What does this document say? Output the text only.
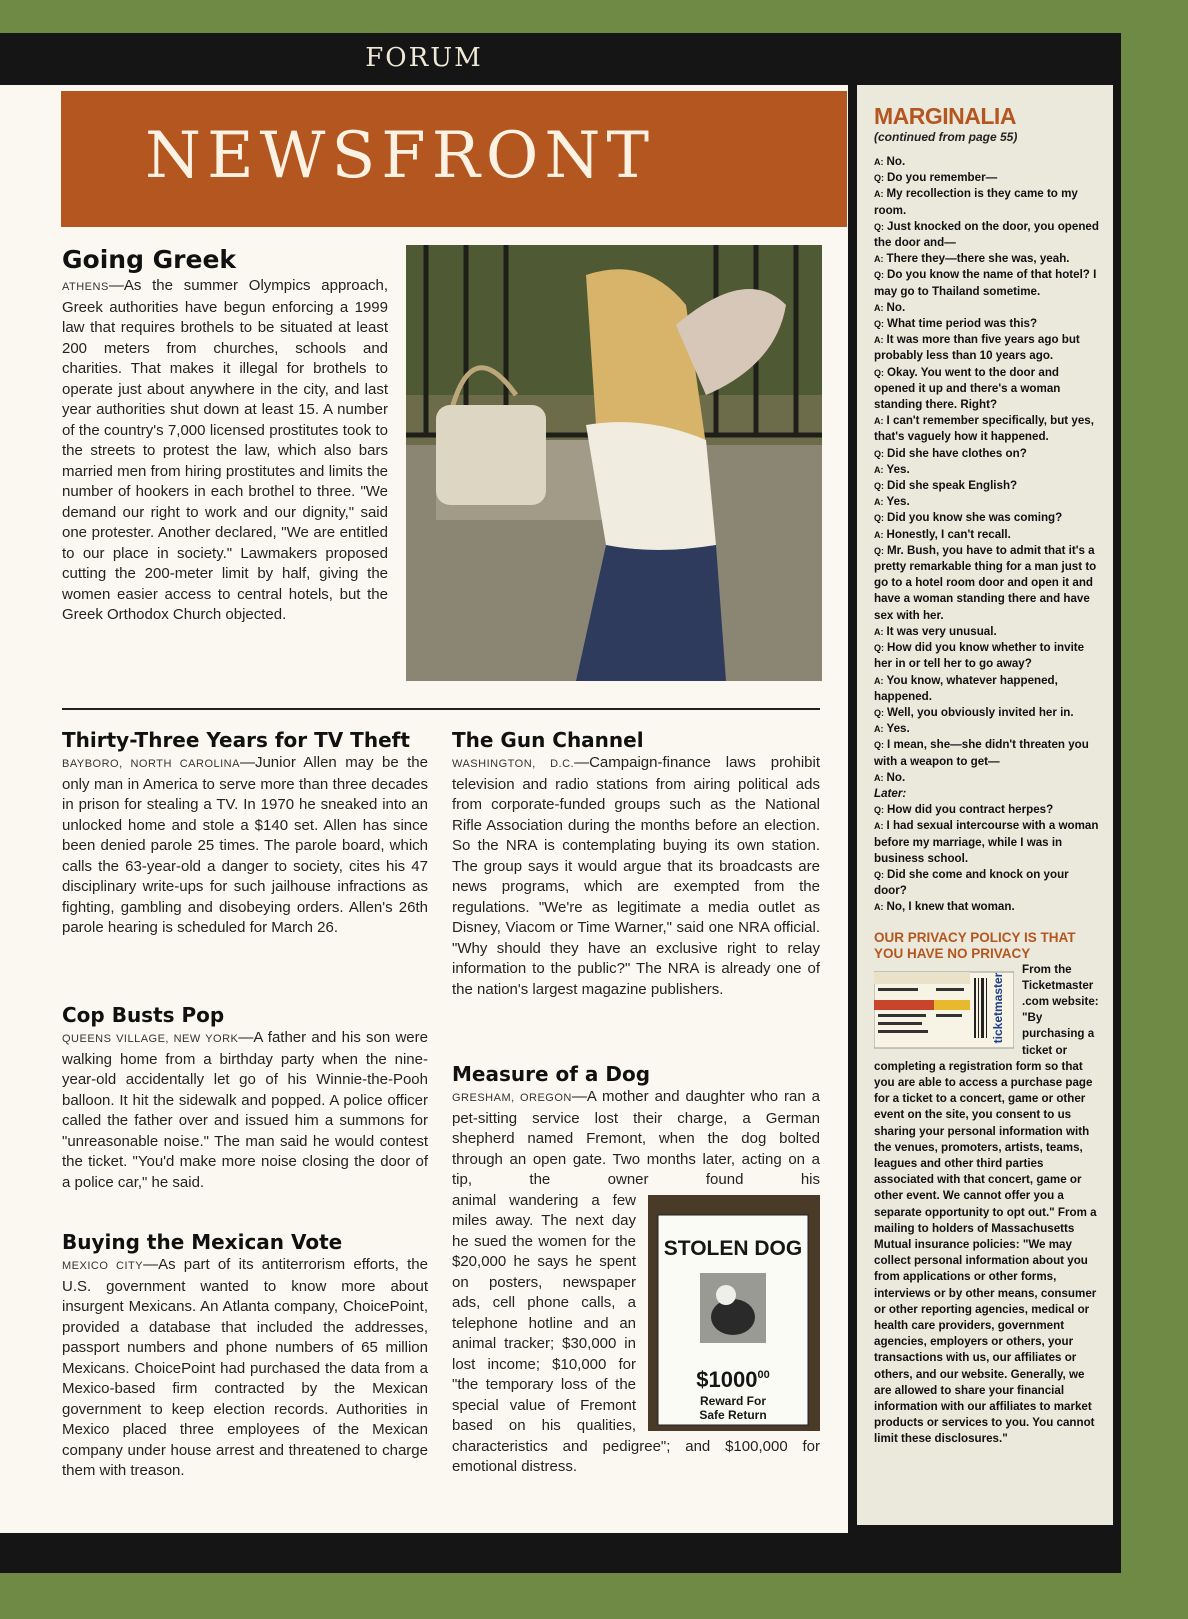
FORUM
NEWSFRONT
Going Greek

ATHENS—As the summer Olympics approach, Greek authorities have begun enforcing a 1999 law that requires brothels to be situated at least 200 meters from churches, schools and charities. That makes it illegal for brothels to operate just about anywhere in the city, and last year authorities shut down at least 15. A number of the country's 7,000 licensed prostitutes took to the streets to protest the law, which also bars married men from hiring prostitutes and limits the number of hookers in each brothel to three. "We demand our right to work and our dignity," said one protester. Another declared, "We are entitled to our place in society." Lawmakers proposed cutting the 200-meter limit by half, giving the women easier access to central hotels, but the Greek Orthodox Church objected.

Thirty-Three Years for TV Theft

BAYBORO, NORTH CAROLINA—Junior Allen may be the only man in America to serve more than three decades in prison for stealing a TV. In 1970 he sneaked into an unlocked home and stole a $140 set. Allen has since been denied parole 25 times. The parole board, which calls the 63-year-old a danger to society, cites his 47 disciplinary write-ups for such jailhouse infractions as fighting, gambling and disobeying orders. Allen's 26th parole hearing is scheduled for March 26.

Cop Busts Pop

QUEENS VILLAGE, NEW YORK—A father and his son were walking home from a birthday party when the nine-year-old accidentally let go of his Winnie-the-Pooh balloon. It hit the sidewalk and popped. A police officer called the father over and issued him a summons for "unreasonable noise." The man said he would contest the ticket. "You'd make more noise closing the door of a police car," he said.

Buying the Mexican Vote

MEXICO CITY—As part of its antiterrorism efforts, the U.S. government wanted to know more about insurgent Mexicans. An Atlanta company, ChoicePoint, provided a database that included the addresses, passport numbers and phone numbers of 65 million Mexicans. ChoicePoint had purchased the data from a Mexico-based firm contracted by the Mexican government to keep election records. Authorities in Mexico placed three employees of the Mexican company under house arrest and threatened to charge them with treason.

The Gun Channel

WASHINGTON, D.C.—Campaign-finance laws prohibit television and radio stations from airing political ads from corporate-funded groups such as the National Rifle Association during the months before an election. So the NRA is contemplating buying its own station. The group says it would argue that its broadcasts are news programs, which are exempted from the regulations. "We're as legitimate a media outlet as Disney, Viacom or Time Warner," said one NRA official. "Why should they have an exclusive right to relay information to the public?" The NRA is already one of the nation's largest magazine publishers.

Measure of a Dog

GRESHAM, OREGON—A mother and daughter who ran a pet-sitting service lost their charge, a German shepherd named Fremont, when the dog bolted through an open gate. Two months later, acting on a tip, the owner found his ani
STOLEN DOG
$1000$^{00}$
Reward For
Safe Return
mal wandering a few miles away. The next day he sued the women for the $20,000 he says he spent on posters, newspaper ads, cell phone calls, a telephone hotline and an animal tracker; $30,000 in lost income; $10,000 for "the temporary loss of the special value of Fremont based on his qualities, characteristics and pedigree"; and $100,000 for emotional distress.

MARGINALIA
(continued from page 55)
A: No.
Q: Do you remember—
A: My recollection is they came to my room.
Q: Just knocked on the door, you opened the door and—
A: There they—there she was, yeah.
Q: Do you know the name of that hotel? I may go to Thailand sometime.
A: No.
Q: What time period was this?
A: It was more than five years ago but probably less than 10 years ago.
Q: Okay. You went to the door and opened it up and there's a woman standing there. Right?
A: I can't remember specifically, but yes, that's vaguely how it happened.
Q: Did she have clothes on?
A: Yes.
Q: Did she speak English?
A: Yes.
Q: Did you know she was coming?
A: Honestly, I can't recall.
Q: Mr. Bush, you have to admit that it's a pretty remarkable thing for a man just to go to a hotel room door and open it and have a woman standing there and have sex with her.
A: It was very unusual.
Q: How did you know whether to invite her in or tell her to go away?
A: You know, whatever happened, happened.
Q: Well, you obviously invited her in.
A: Yes.
Q: I mean, she—she didn't threaten you with a weapon to get—
A: No.
Later:
Q: How did you contract herpes?
A: I had sexual intercourse with a woman before my marriage, while I was in business school.
Q: Did she come and knock on your door?
A: No, I knew that woman.
OUR PRIVACY POLICY IS THAT YOU HAVE NO PRIVACY
ticketmaster
From the Ticketmaster .com website: "By purchasing a ticket or completing a registration form so that you are able to access a purchase page for a ticket to a concert, game or other event on the site, you consent to us sharing your personal information with the venues, promoters, artists, teams, leagues and other third parties associated with that concert, game or other event. We cannot offer you a separate opportunity to opt out." From a mailing to holders of Massachusetts Mutual insurance policies: "We may collect personal information about you from applications or other forms, interviews or by other means, consumer or other reporting agencies, medical or health care providers, government agencies, employers or others, your transactions with us, our affiliates or others, and our website. Generally, we are allowed to share your financial information with our affiliates to market products or services to you. You cannot limit these disclosures."
